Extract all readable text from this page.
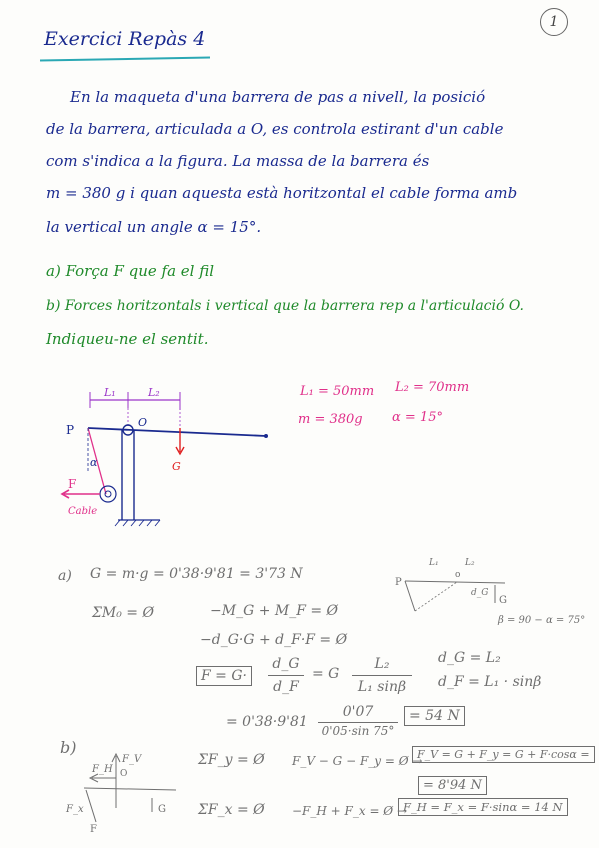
1
Exercici Repàs 4
En la maqueta d'una barrera de pas a nivell, la posició
de la barrera, articulada a O, es controla estirant d'un cable
com s'indica a la figura. La massa de la barrera és
m = 380 g i quan aquesta està horitzontal el cable forma amb
la vertical un angle α = 15°.
a) Força F que fa el fil
b) Forces horitzontals i vertical que la barrera rep a l'articulació O.
Indiqueu-ne el sentit.
L₁	L₂
O
P
G
α
F
Cable
L₁ = 50mm L₂ = 70mm
m = 380g α = 15°
a) G = m·g = 0'38·9'81 = 3'73 N
ΣM₀ = Ø	−M_G + M_F = Ø
−d_G·G + d_F·F = Ø
F = G·
d_G
d_F
= G
L₂
L₁ sinβ
d_G = L₂
d_F = L₁ · sinβ
= 0'38·9'81
0'07
0'05·sin 75°
= 54 N
P
L₁	L₂
o
d_G
G
β = 90 − α = 75°
b)
F_V
F_H O
G
F_x
F
ΣF_y = Ø F_V − G − F_y = Ø →
F_V = G + F_y = G + F·cosα =
= 8'94 N
ΣF_x = Ø −F_H + F_x = Ø →
F_H = F_x = F·sinα = 14 N
